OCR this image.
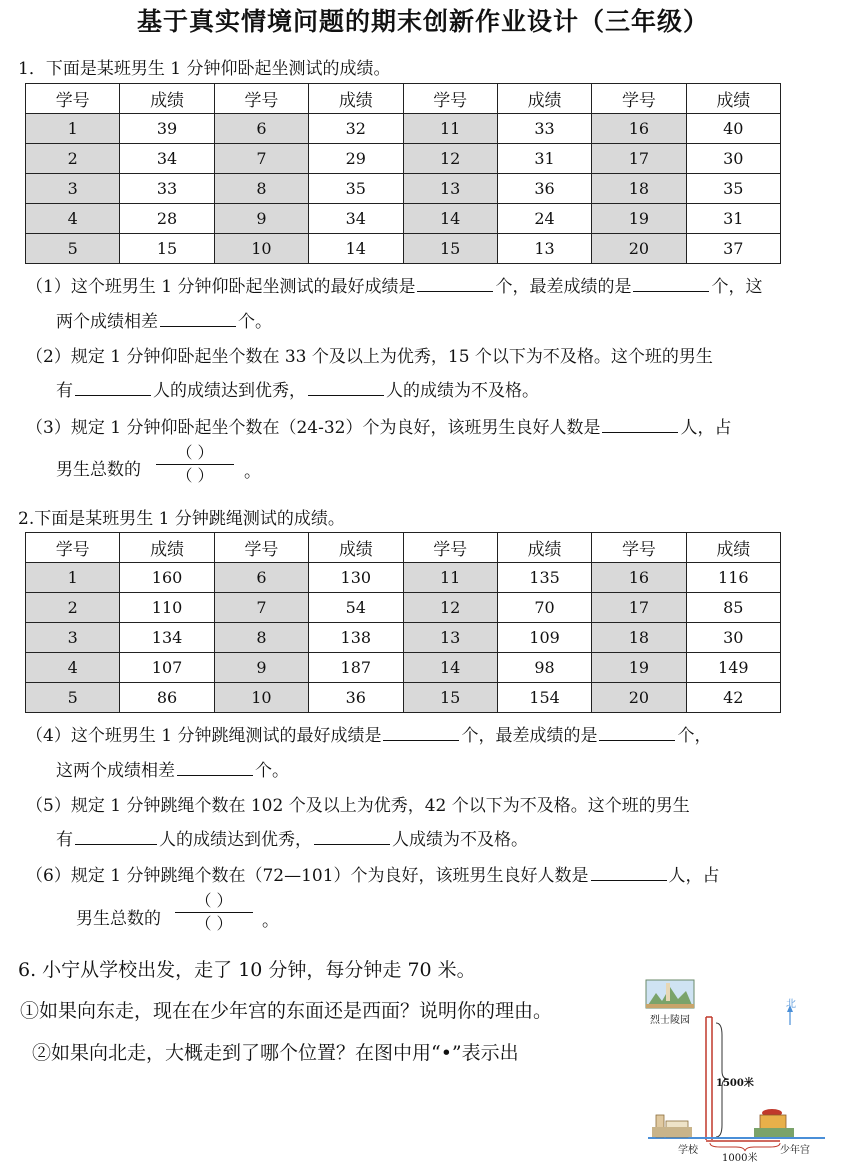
基于真实情境问题的期末创新作业设计（三年级）
1．下面是某班男生 1 分钟仰卧起坐测试的成绩。
学号	成绩	学号	成绩	学号	成绩	学号	成绩
1	39	6	32	11	33	16	40
2	34	7	29	12	31	17	30
3	33	8	35	13	36	18	35
4	28	9	34	14	24	19	31
5	15	10	14	15	13	20	37
（1）这个班男生 1 分钟仰卧起坐测试的最好成绩是	个，最差成绩的是	个，这
两个成绩相差	个。
（2）规定 1 分钟仰卧起坐个数在 33 个及以上为优秀，15 个以下为不及格。这个班的男生
有	人的成绩达到优秀，	人的成绩为不及格。
（3）规定 1 分钟仰卧起坐个数在（24-32）个为良好，该班男生良好人数是	人，占
男生总数的
（ ）
（ ）	。
2.下面是某班男生 1 分钟跳绳测试的成绩。
学号	成绩	学号	成绩	学号	成绩	学号	成绩
1	160	6	130	11	135	16	116
2	110	7	54	12	70	17	85
3	134	8	138	13	109	18	30
4	107	9	187	14	98	19	149
5	86	10	36	15	154	20	42
（4）这个班男生 1 分钟跳绳测试的最好成绩是	个，最差成绩的是	个，
这两个成绩相差	个。
（5）规定 1 分钟跳绳个数在 102 个及以上为优秀，42 个以下为不及格。这个班的男生
有	人的成绩达到优秀，	人成绩为不及格。
（6）规定 1 分钟跳绳个数在（72—101）个为良好，该班男生良好人数是	人，占
男生总数的
（ ）
（ ）	。
6. 小宁从学校出发，走了 10 分钟，每分钟走 70 米。
①如果向东走，现在在少年宫的东面还是西面？说明你的理由。
②如果向北走，大概走到了哪个位置？在图中用“•”表示出
北
烈士陵园
1500米
学校	少年宫
1000米
